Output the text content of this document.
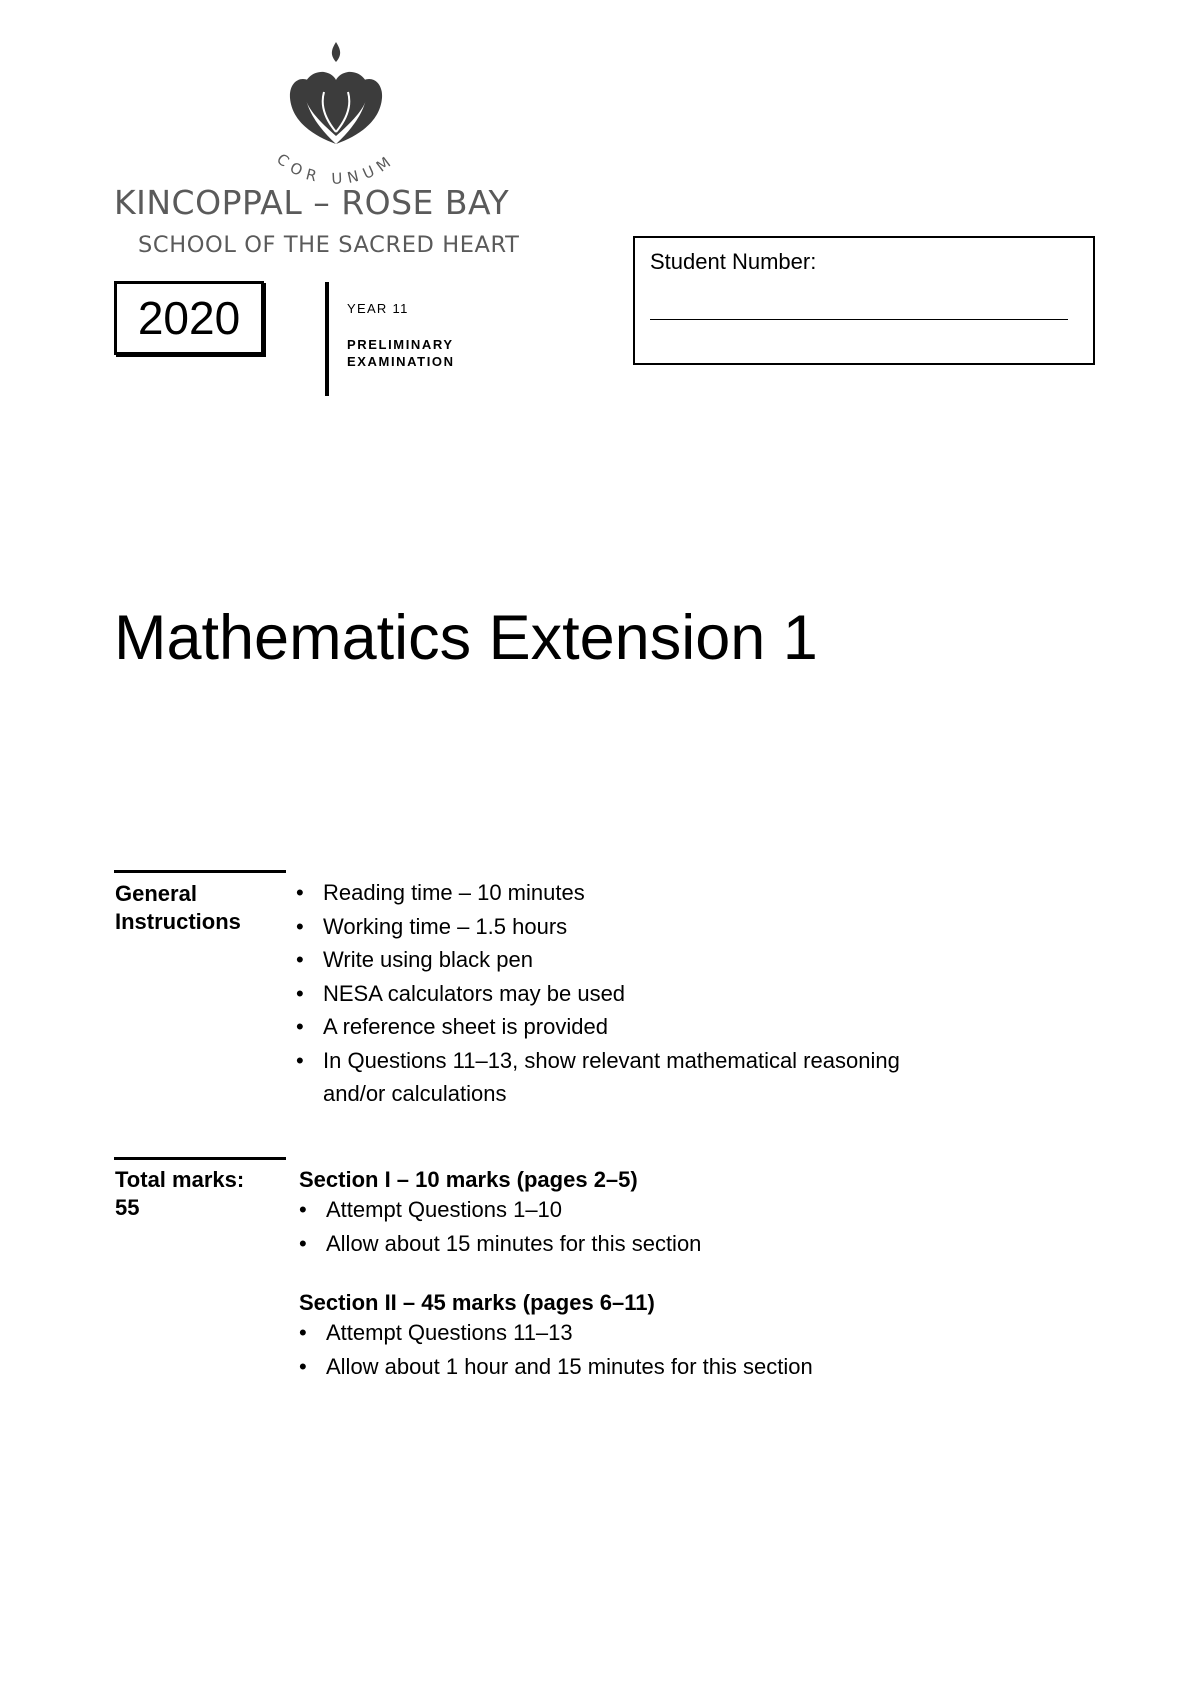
COR UNUM
KINCOPPAL – ROSE BAY
SCHOOL OF THE SACRED HEART
2020	YEAR 11
PRELIMINARY
EXAMINATION
Student Number:
Mathematics Extension 1
General
Instructions
• Reading time – 10 minutes
• Working time – 1.5 hours
• Write using black pen
• NESA calculators may be used
• A reference sheet is provided
• In Questions 11–13, show relevant mathematical reasoning and/or calculations
Total marks:
55
Section I – 10 marks (pages 2–5)
• Attempt Questions 1–10
• Allow about 15 minutes for this section
Section II – 45 marks (pages 6–11)
• Attempt Questions 11–13
• Allow about 1 hour and 15 minutes for this section
